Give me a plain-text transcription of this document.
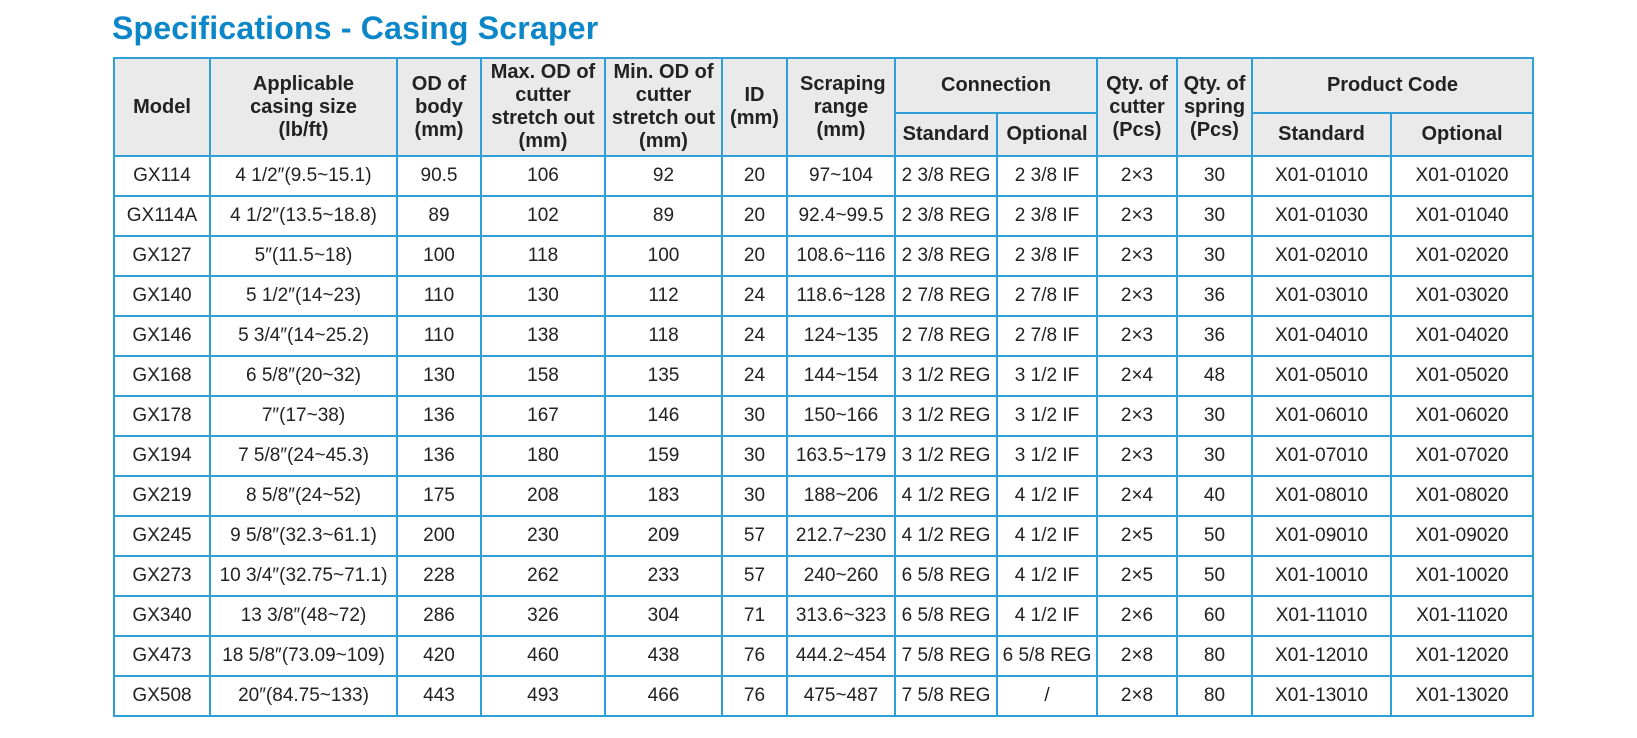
Specifications - Casing Scraper
Model	Applicable casing size (lb/ft)	OD of body (mm)	Max. OD of cutter stretch out (mm)	Min. OD of cutter stretch out (mm)	ID (mm)	Scraping range (mm)	Connection		Qty. of cutter (Pcs)	Qty. of spring (Pcs)	Product Code	
							Standard	Optional			Standard	Optional
GX114	4 1/2″(9.5~15.1)	90.5	106	92	20	97~104	2 3/8 REG	2 3/8 IF	2×3	30	X01-01010	X01-01020
GX114A	4 1/2″(13.5~18.8)	89	102	89	20	92.4~99.5	2 3/8 REG	2 3/8 IF	2×3	30	X01-01030	X01-01040
GX127	5″(11.5~18)	100	118	100	20	108.6~116	2 3/8 REG	2 3/8 IF	2×3	30	X01-02010	X01-02020
GX140	5 1/2″(14~23)	110	130	112	24	118.6~128	2 7/8 REG	2 7/8 IF	2×3	36	X01-03010	X01-03020
GX146	5 3/4″(14~25.2)	110	138	118	24	124~135	2 7/8 REG	2 7/8 IF	2×3	36	X01-04010	X01-04020
GX168	6 5/8″(20~32)	130	158	135	24	144~154	3 1/2 REG	3 1/2 IF	2×4	48	X01-05010	X01-05020
GX178	7″(17~38)	136	167	146	30	150~166	3 1/2 REG	3 1/2 IF	2×3	30	X01-06010	X01-06020
GX194	7 5/8″(24~45.3)	136	180	159	30	163.5~179	3 1/2 REG	3 1/2 IF	2×3	30	X01-07010	X01-07020
GX219	8 5/8″(24~52)	175	208	183	30	188~206	4 1/2 REG	4 1/2 IF	2×4	40	X01-08010	X01-08020
GX245	9 5/8″(32.3~61.1)	200	230	209	57	212.7~230	4 1/2 REG	4 1/2 IF	2×5	50	X01-09010	X01-09020
GX273	10 3/4″(32.75~71.1)	228	262	233	57	240~260	6 5/8 REG	4 1/2 IF	2×5	50	X01-10010	X01-10020
GX340	13 3/8″(48~72)	286	326	304	71	313.6~323	6 5/8 REG	4 1/2 IF	2×6	60	X01-11010	X01-11020
GX473	18 5/8″(73.09~109)	420	460	438	76	444.2~454	7 5/8 REG	6 5/8 REG	2×8	80	X01-12010	X01-12020
GX508	20″(84.75~133)	443	493	466	76	475~487	7 5/8 REG	/	2×8	80	X01-13010	X01-13020
